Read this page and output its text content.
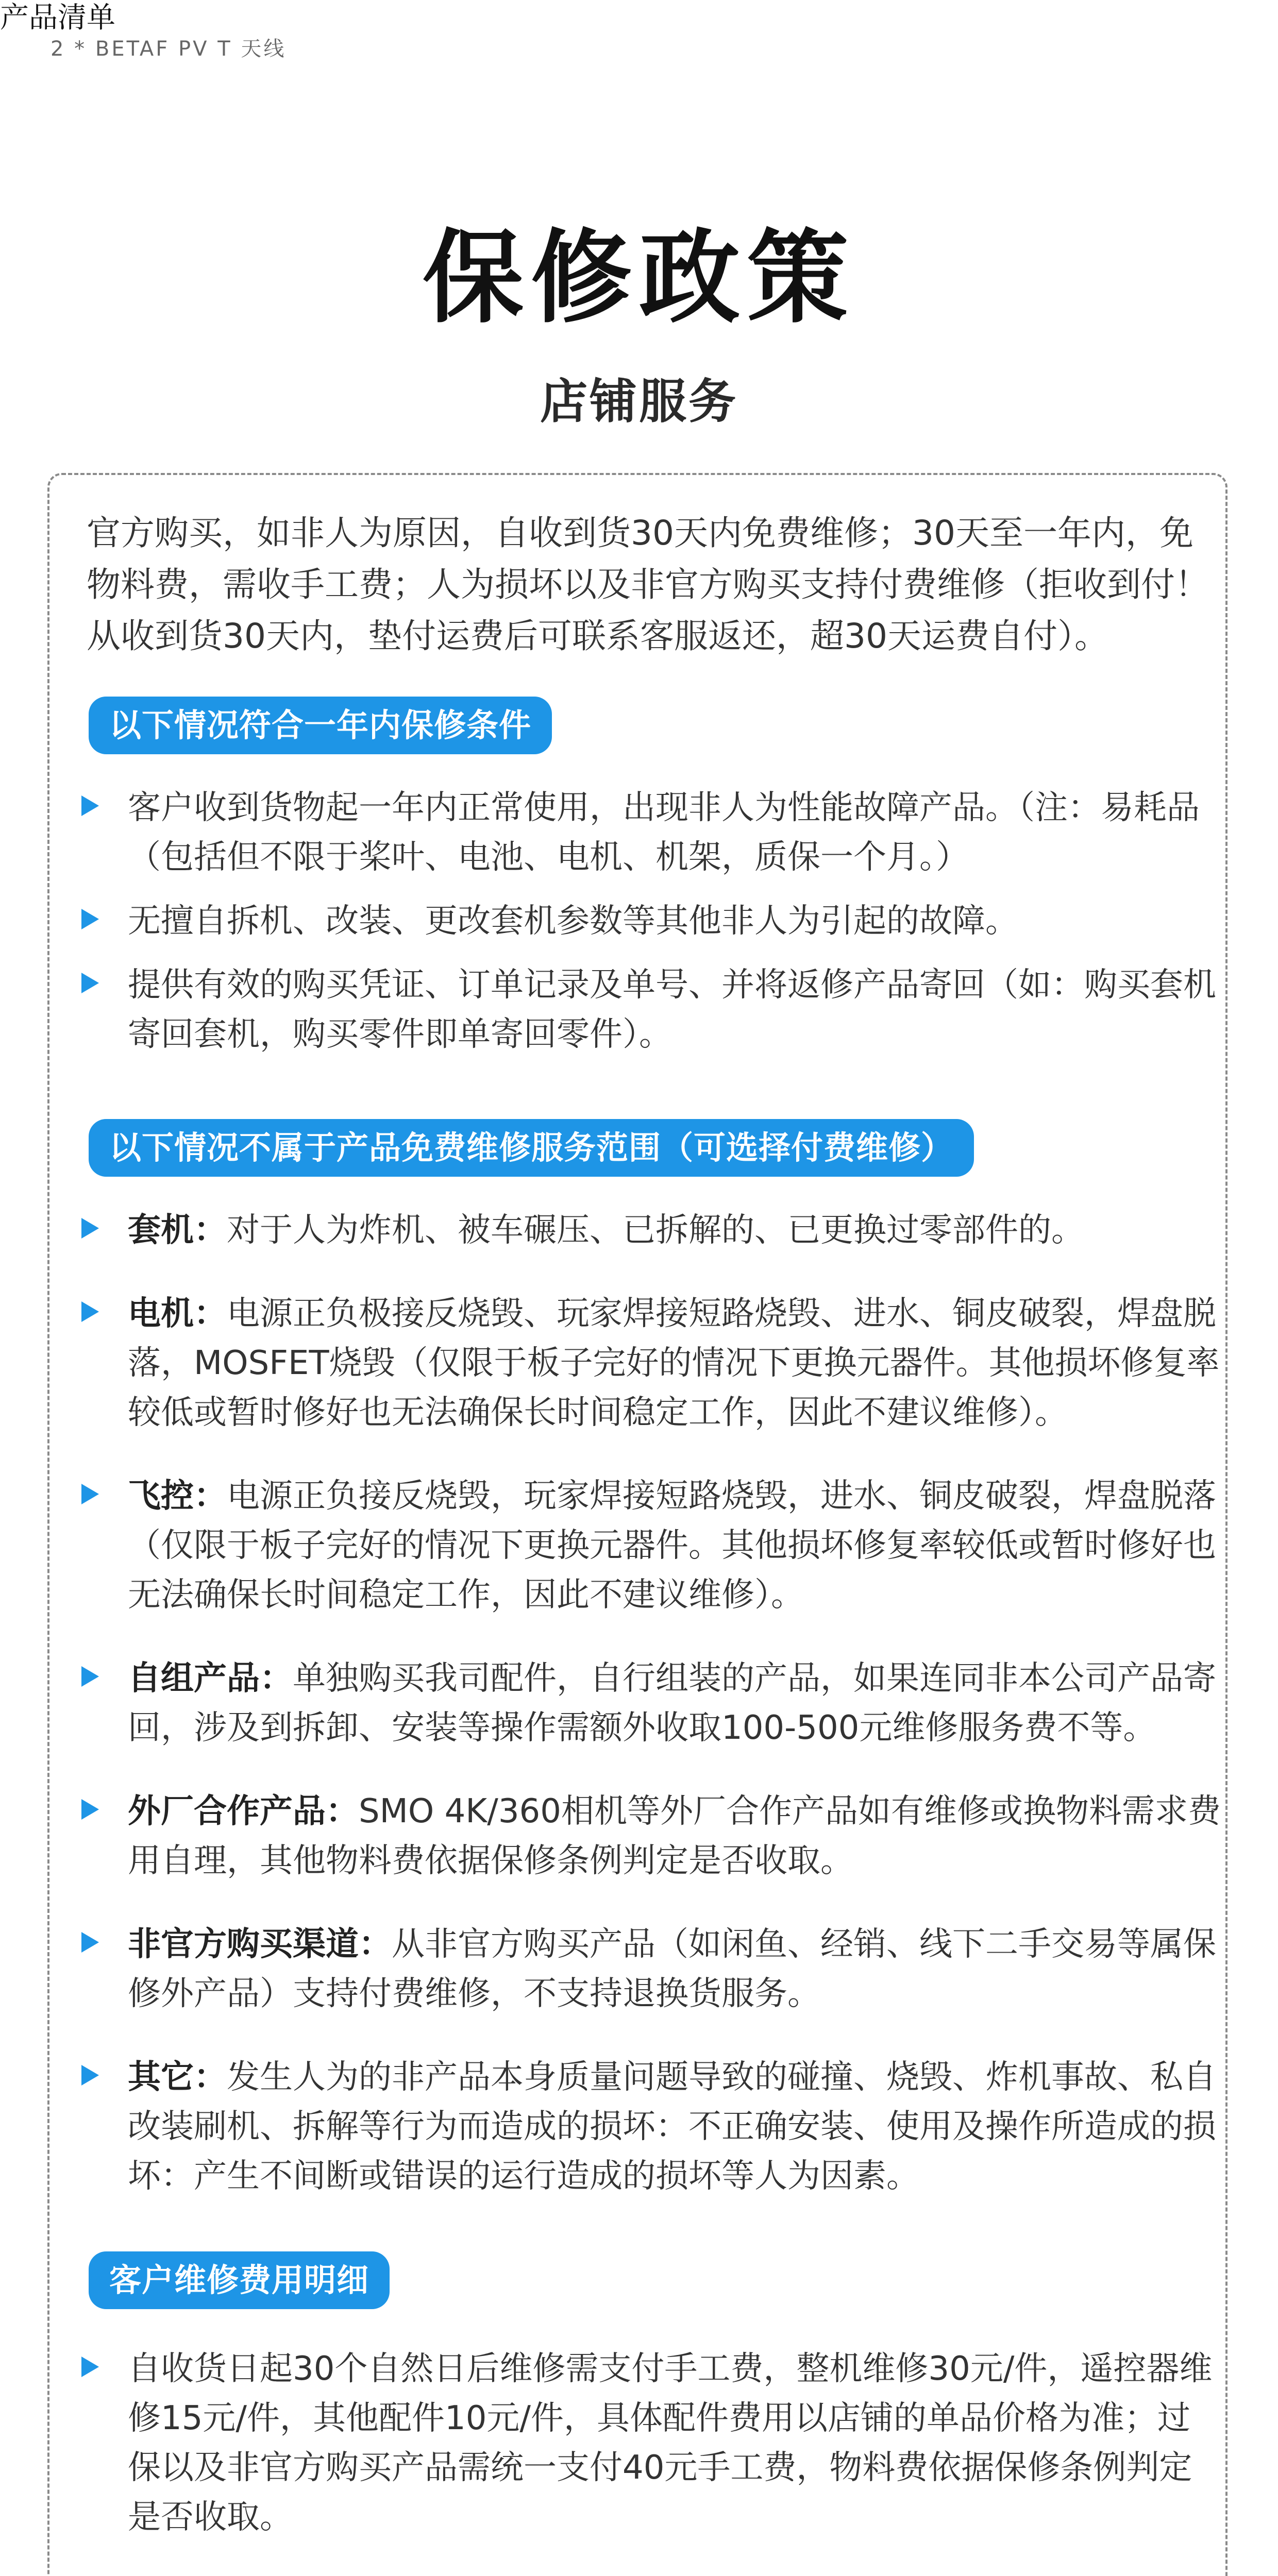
产品清单
2 * BETAF PV T 天线
保修政策
店铺服务
官方购买，如非人为原因，自收到货30天内免费维修；30天至一年内，免物料费，需收手工费；人为损坏以及非官方购买支持付费维修（拒收到付！从收到货30天内，垫付运费后可联系客服返还，超30天运费自付）。
以下情况符合一年内保修条件
客户收到货物起一年内正常使用，出现非人为性能故障产品。（注：易耗品（包括但不限于桨叶、电池、电机、机架，质保一个月。）
无擅自拆机、改装、更改套机参数等其他非人为引起的故障。
提供有效的购买凭证、订单记录及单号、并将返修产品寄回（如：购买套机寄回套机，购买零件即单寄回零件）。
以下情况不属于产品免费维修服务范围（可选择付费维修）
套机：对于人为炸机、被车碾压、已拆解的、已更换过零部件的。
电机：电源正负极接反烧毁、玩家焊接短路烧毁、进水、铜皮破裂，焊盘脱落，MOSFET烧毁（仅限于板子完好的情况下更换元器件。其他损坏修复率较低或暂时修好也无法确保长时间稳定工作，因此不建议维修）。
飞控：电源正负接反烧毁，玩家焊接短路烧毁，进水、铜皮破裂，焊盘脱落（仅限于板子完好的情况下更换元器件。其他损坏修复率较低或暂时修好也无法确保长时间稳定工作，因此不建议维修）。
自组产品：单独购买我司配件，自行组装的产品，如果连同非本公司产品寄回，涉及到拆卸、安装等操作需额外收取100-500元维修服务费不等。
外厂合作产品：SMO 4K/360相机等外厂合作产品如有维修或换物料需求费用自理，其他物料费依据保修条例判定是否收取。
非官方购买渠道：从非官方购买产品（如闲鱼、经销、线下二手交易等属保修外产品）支持付费维修，不支持退换货服务。
其它：发生人为的非产品本身质量问题导致的碰撞、烧毁、炸机事故、私自改装刷机、拆解等行为而造成的损坏：不正确安装、使用及操作所造成的损坏：产生不间断或错误的运行造成的损坏等人为因素。
客户维修费用明细
自收货日起30个自然日后维修需支付手工费，整机维修30元/件，遥控器维修15元/件，其他配件10元/件，具体配件费用以店铺的单品价格为准；过保以及非官方购买产品需统一支付40元手工费，物料费依据保修条例判定是否收取。
